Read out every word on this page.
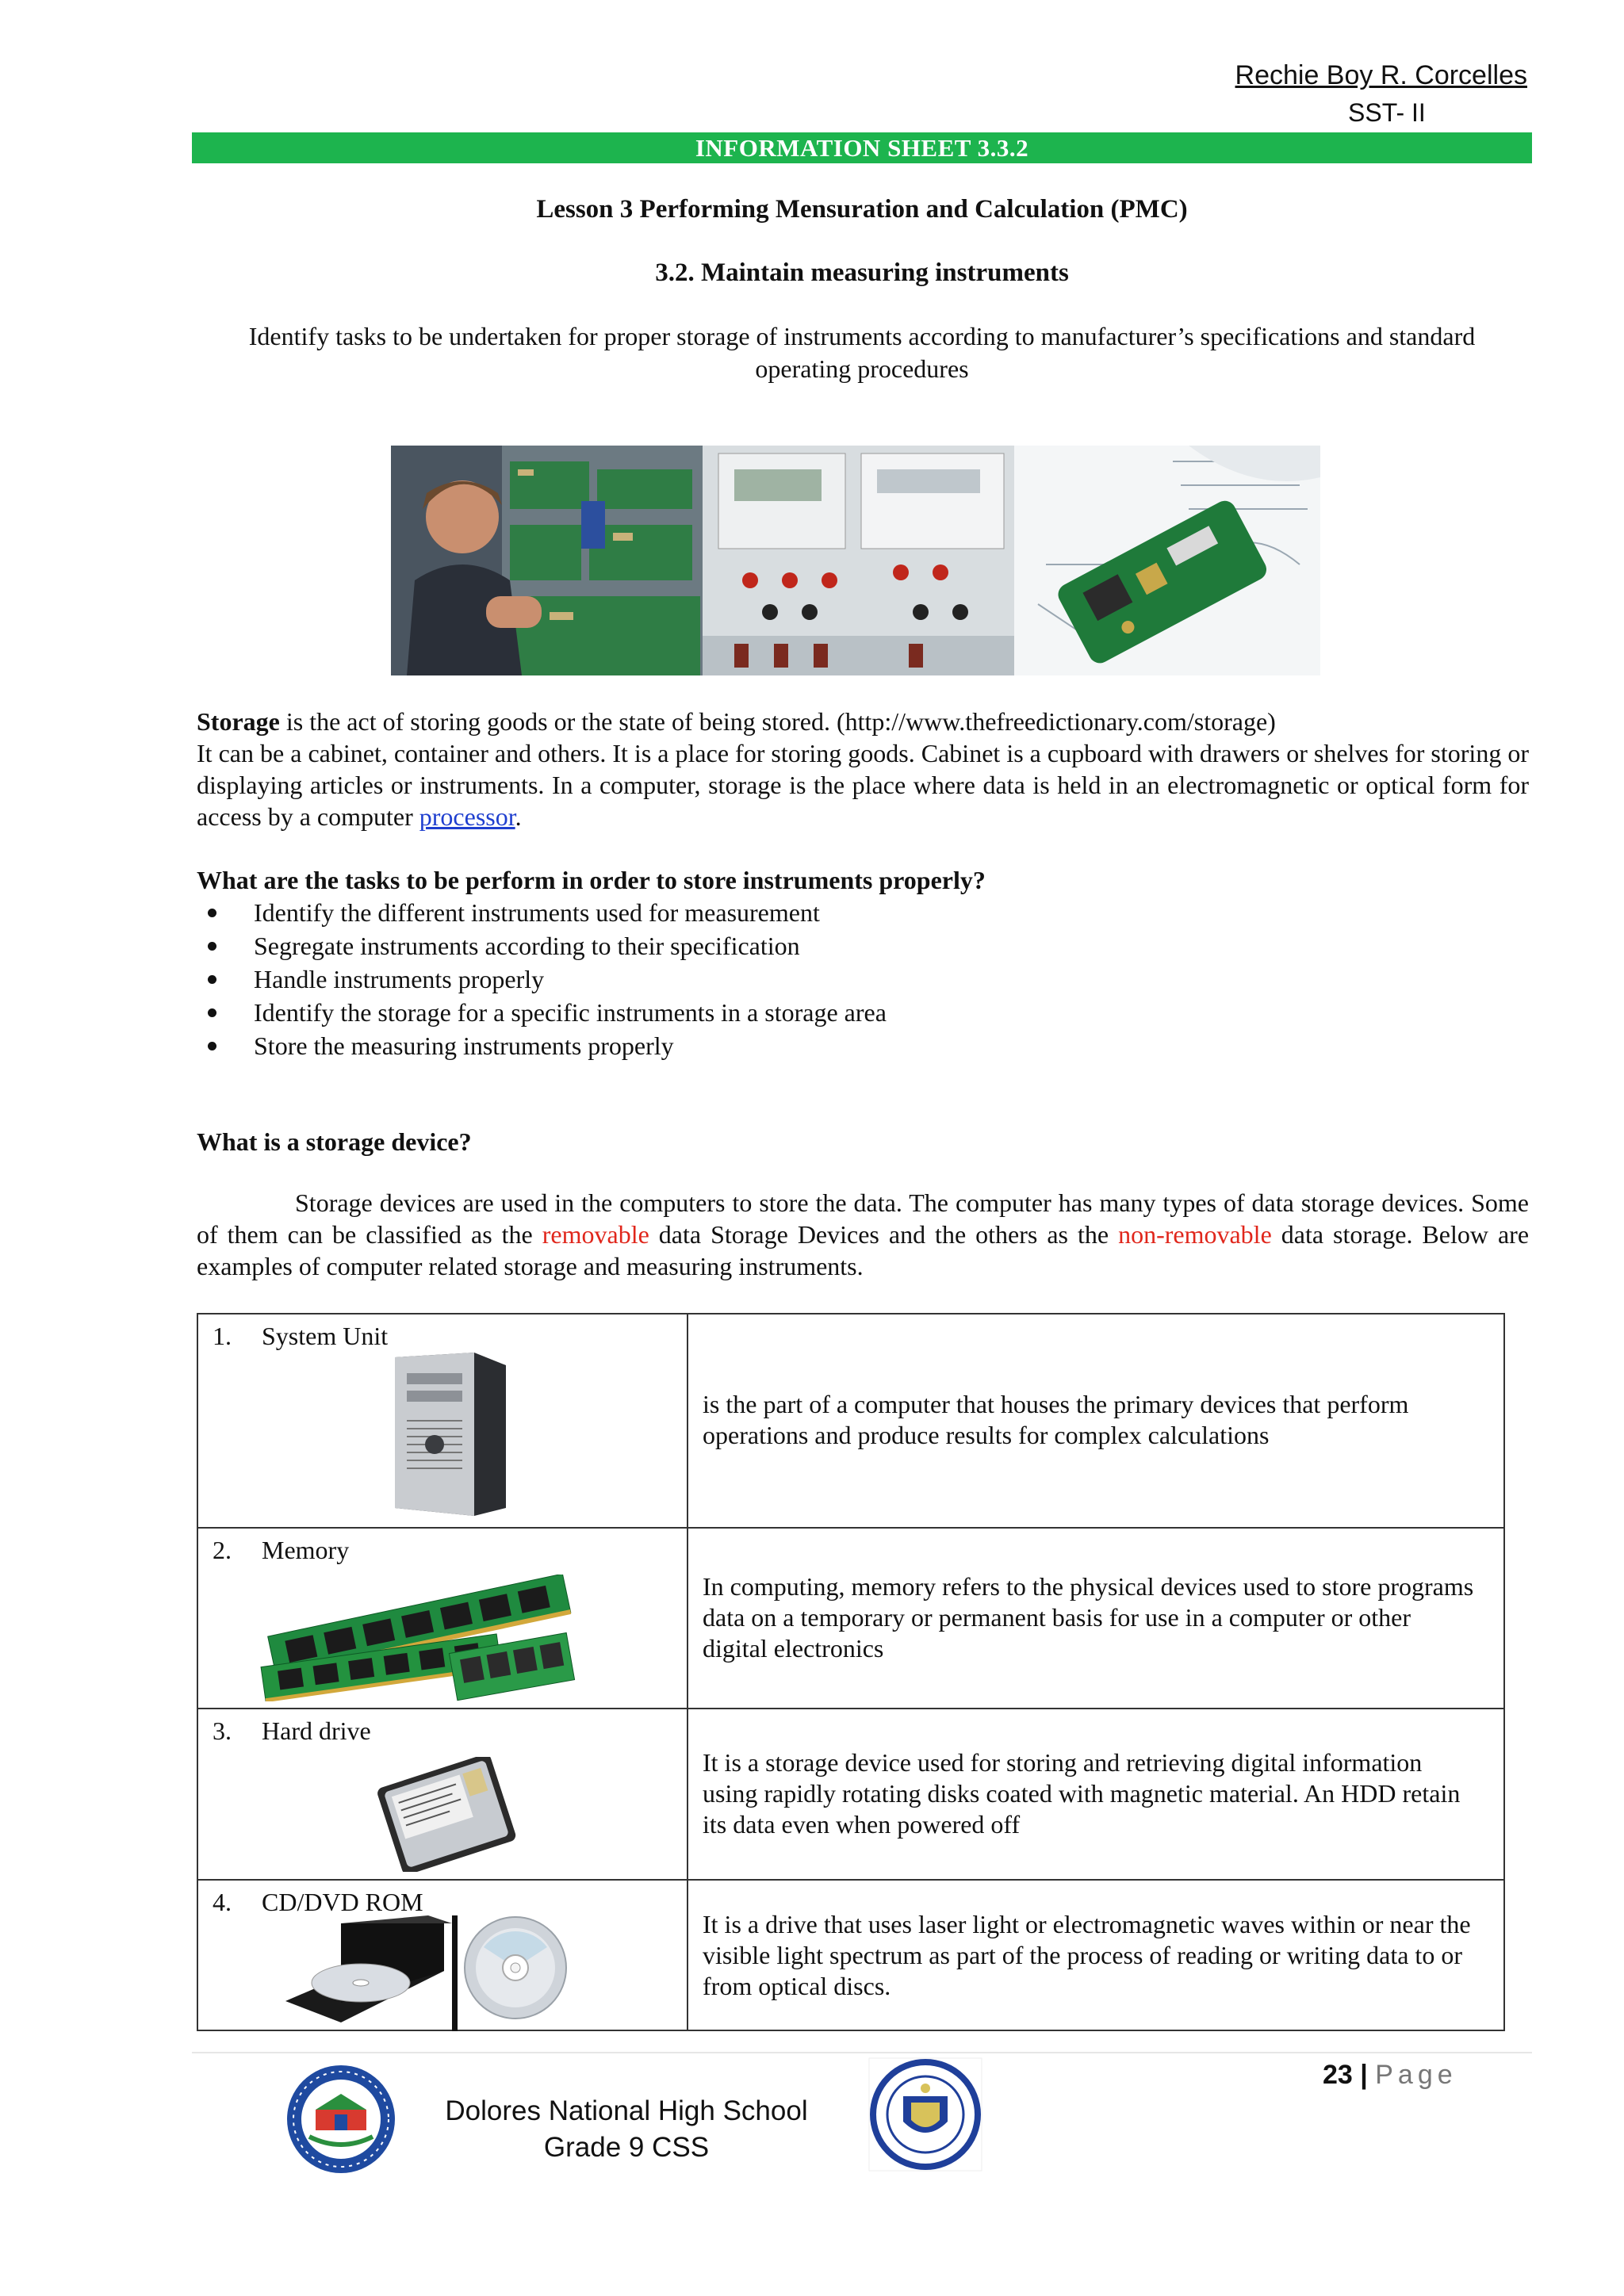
Rechie Boy R. Corcelles
SST- II
INFORMATION SHEET 3.3.2
Lesson 3 Performing Mensuration and Calculation (PMC)
3.2. Maintain measuring instruments
Identify tasks to be undertaken for proper storage of instruments according to manufacturer’s specifications and standard operating procedures
Storage is the act of storing goods or the state of being stored. (http://www.thefreedictionary.com/storage)
It can be a cabinet, container and others. It is a place for storing goods. Cabinet is a cupboard with drawers or shelves for storing or displaying articles or instruments. In a computer, storage is the place where data is held in an electromagnetic or optical form for access by a computer processor.
What are the tasks to be perform in order to store instruments properly?
Identify the different instruments used for measurement
Segregate instruments according to their specification
Handle instruments properly
Identify the storage for a specific instruments in a storage area
Store the measuring instruments properly
What is a storage device?
Storage devices are used in the computers to store the data. The computer has many types of data storage devices. Some of them can be classified as the removable data Storage Devices and the others as the non-removable data storage. Below are examples of computer related storage and measuring instruments.
1. System Unit	is the part of a computer that houses the primary devices that perform operations and produce results for complex calculations

2. Memory	In computing, memory refers to the physical devices used to store programs data on a temporary or permanent basis for use in a computer or other digital electronics

3. Hard drive	It is a storage device used for storing and retrieving digital information using rapidly rotating disks coated with magnetic material. An HDD retain its data even when powered off

4. CD/DVD ROM	It is a drive that uses laser light or electromagnetic waves within or near the visible light spectrum as part of the process of reading or writing data to or from optical discs.
23 | Page
Dolores National High School
Grade 9 CSS
